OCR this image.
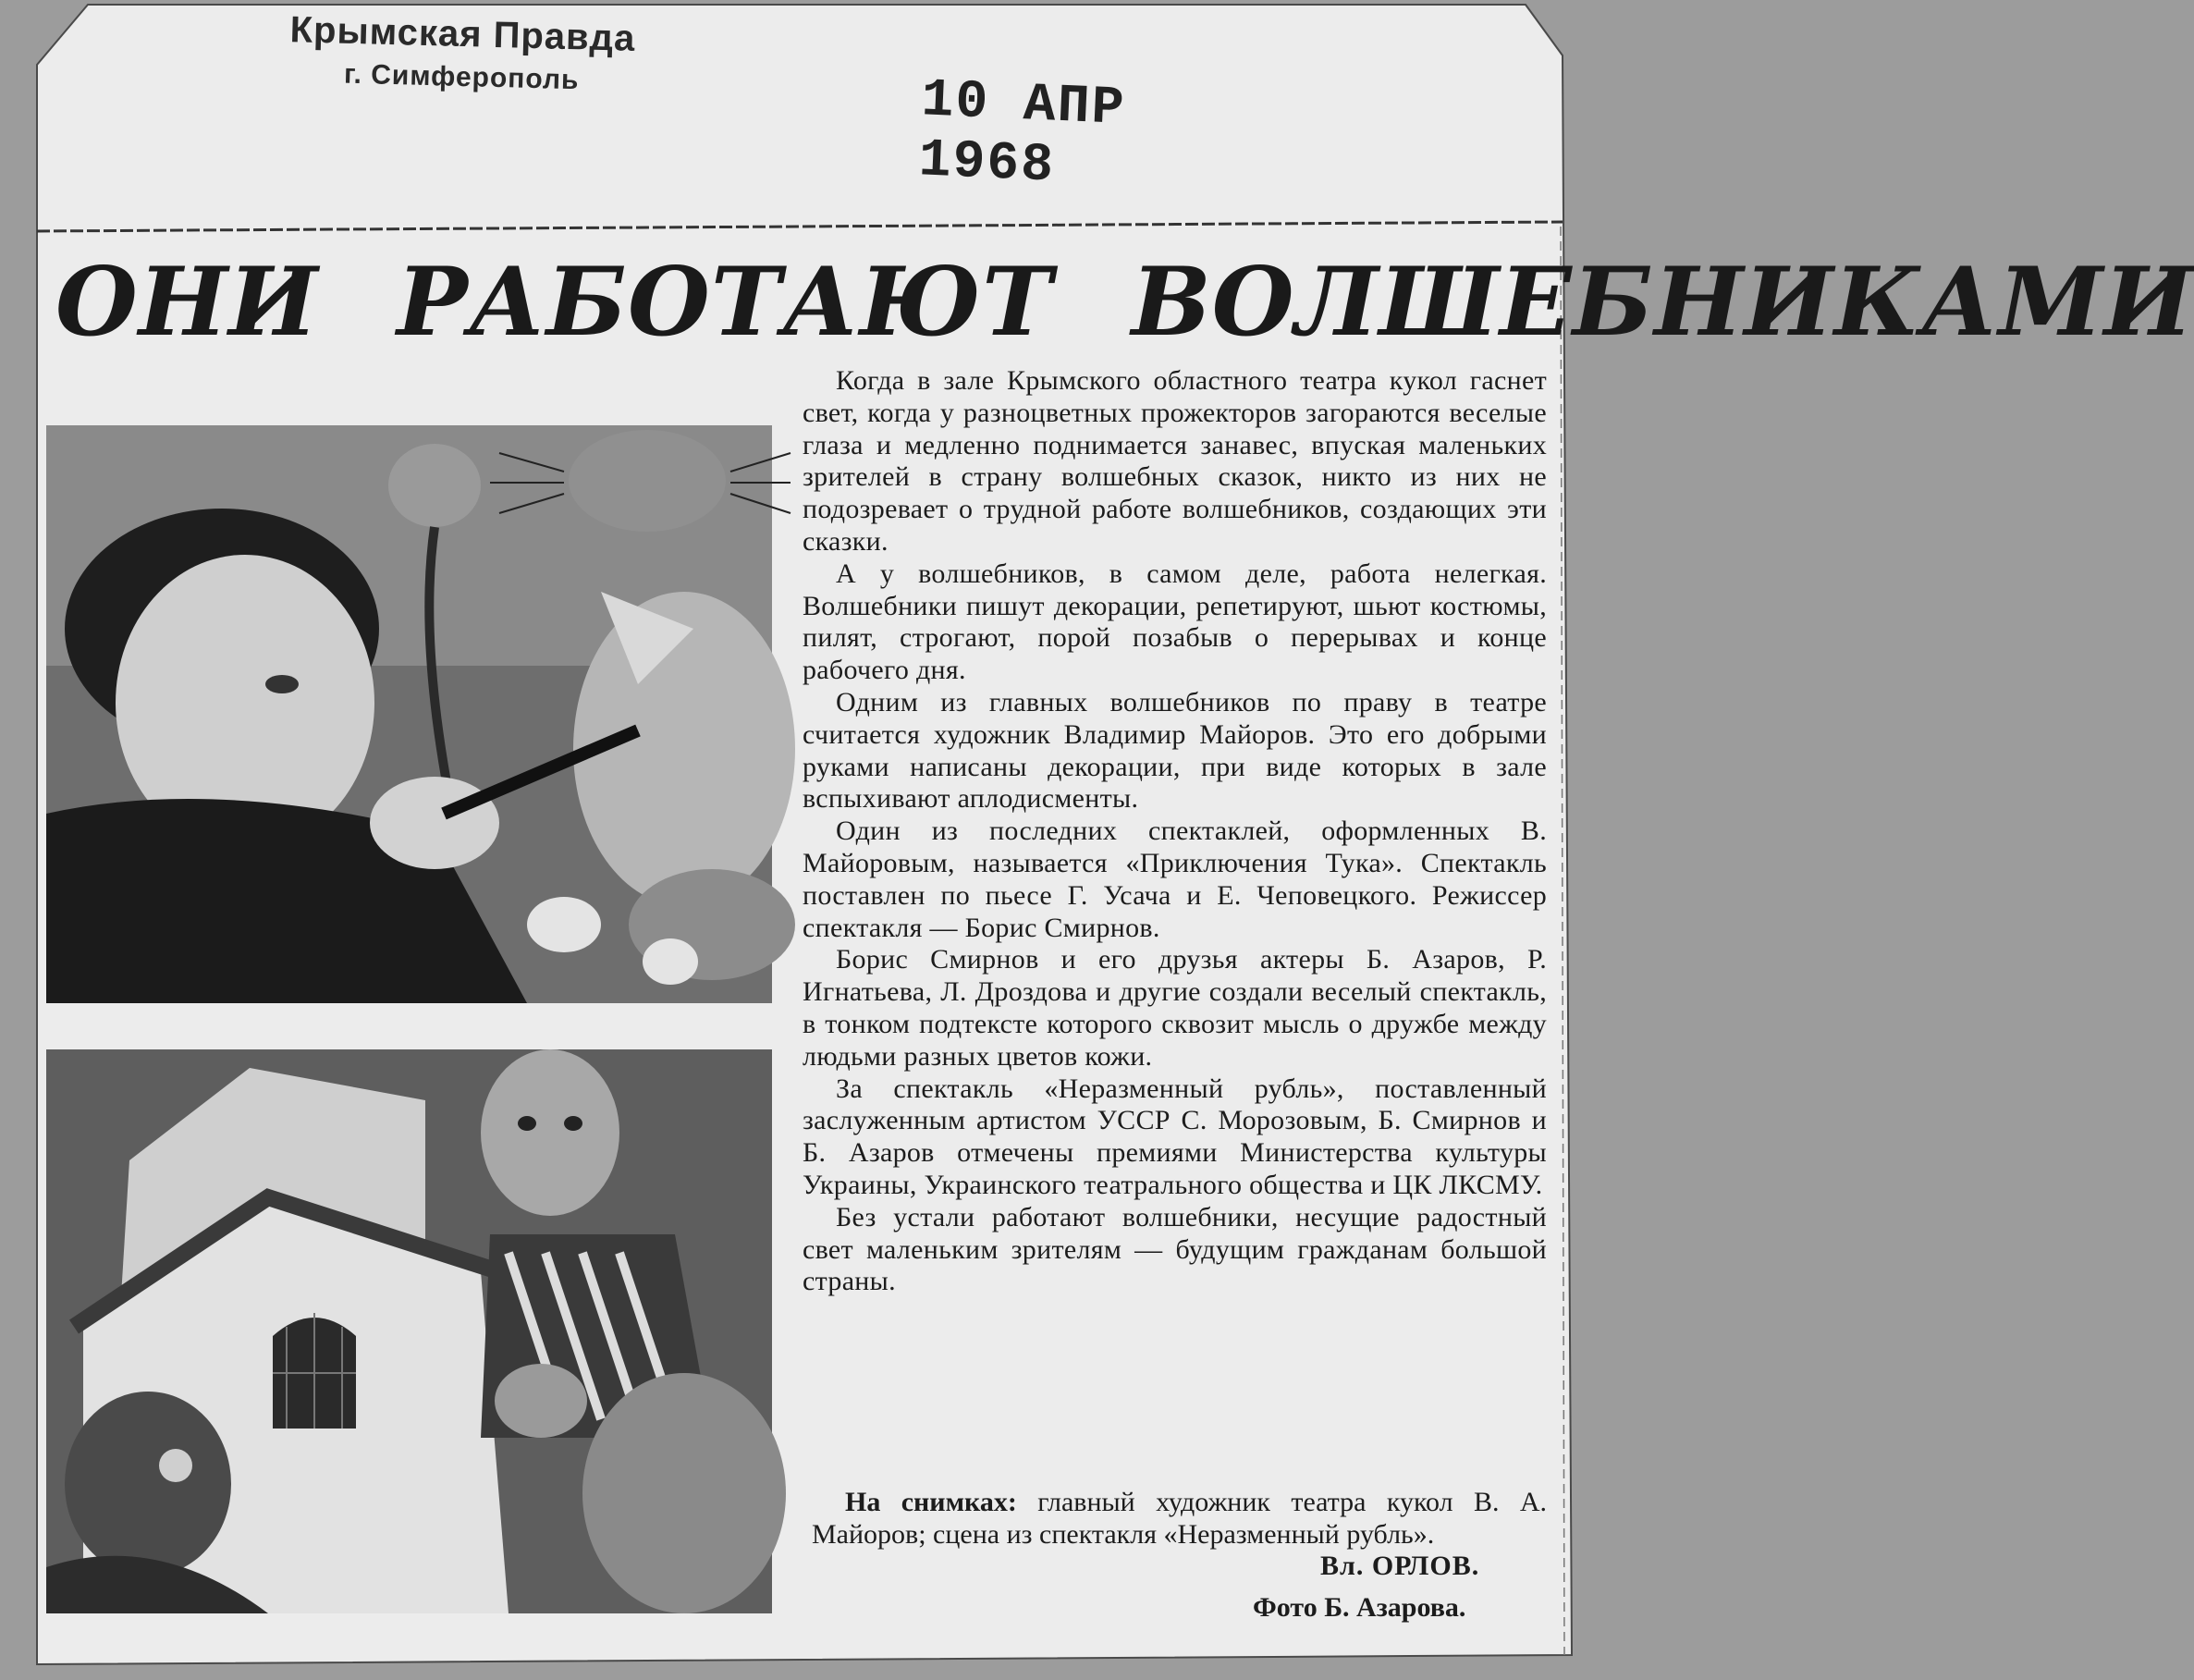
Крымская Правда
г. Симферополь	10 АПР 1968
ОНИ РАБОТАЮТ ВОЛШЕБНИКАМИ

Когда в зале Крымского областного театра кукол гаснет свет, когда у разноцветных прожекторов загораются веселые глаза и медленно поднимается занавес, впуская маленьких зрителей в страну волшебных сказок, никто из них не подозревает о трудной работе волшебников, создающих эти сказки.

А у волшебников, в самом деле, работа нелегкая. Волшебники пишут декорации, репетируют, шьют костюмы, пилят, строгают, порой позабыв о перерывах и конце рабочего дня.

Одним из главных волшебников по праву в театре считается художник Владимир Майоров. Это его добрыми руками написаны декорации, при виде которых в зале вспыхивают аплодисменты.

Один из последних спектаклей, оформленных В. Майоровым, называется «Приключения Тука». Спектакль поставлен по пьесе Г. Усача и Е. Чеповецкого. Режиссер спектакля — Борис Смирнов.

Борис Смирнов и его друзья актеры Б. Азаров, Р. Игнатьева, Л. Дроздова и другие создали веселый спектакль, в тонком подтексте которого сквозит мысль о дружбе между людьми разных цветов кожи.

За спектакль «Неразменный рубль», поставленный заслуженным артистом УССР С. Морозовым, Б. Смирнов и Б. Азаров отмечены премиями Министерства культуры Украины, Украинского театрального общества и ЦК ЛКСМУ.

Без устали работают волшебники, несущие радостный свет маленьким зрителям — будущим гражданам большой страны.

На снимках: главный художник театра кукол В. А. Майоров; сцена из спектакля «Неразменный рубль».

Вл. ОРЛОВ.
Фото Б. Азарова.
